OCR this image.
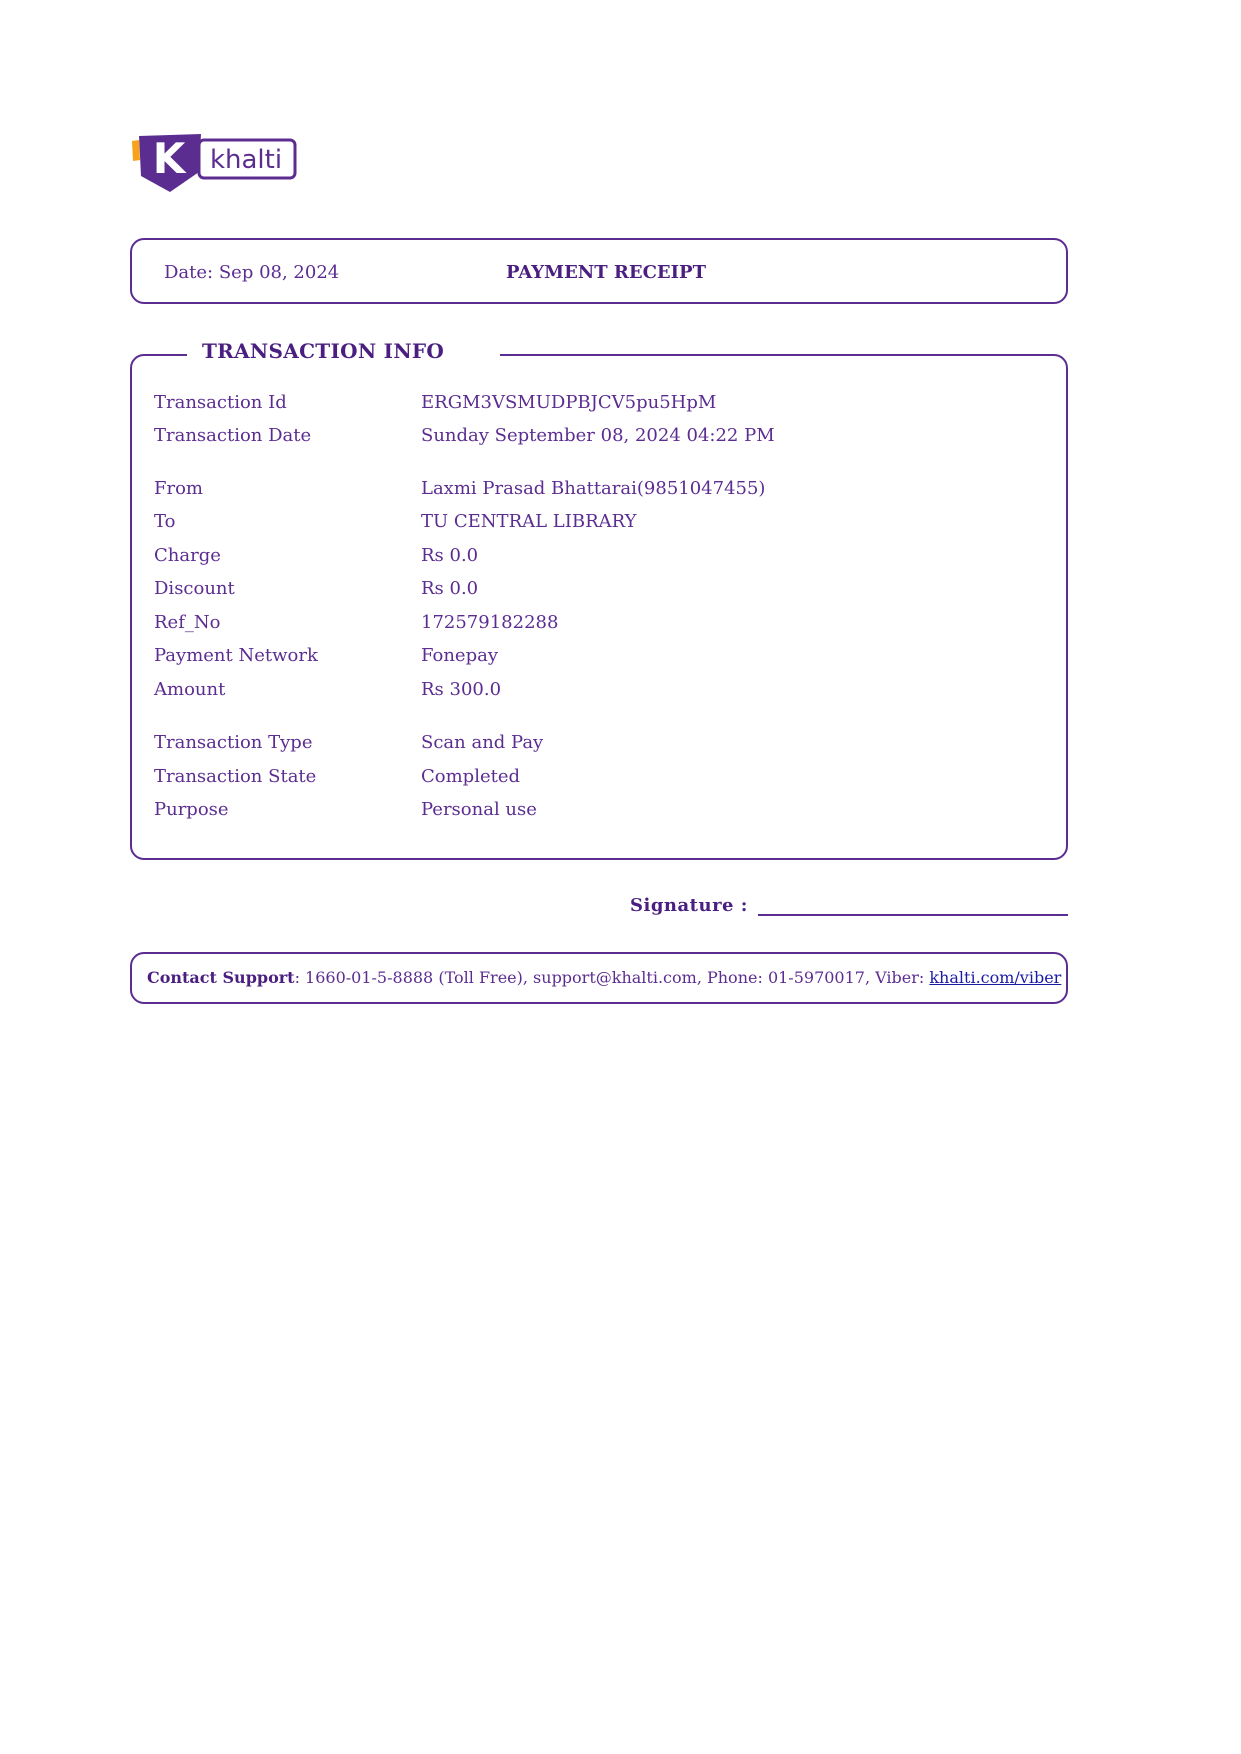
K khalti
Date: Sep 08, 2024	PAYMENT RECEIPT
TRANSACTION INFO
Transaction Id	ERGM3VSMUDPBJCV5pu5HpM
Transaction Date	Sunday September 08, 2024 04:22 PM
From	Laxmi Prasad Bhattarai(9851047455)
To	TU CENTRAL LIBRARY
Charge	Rs 0.0
Discount	Rs 0.0
Ref_No	172579182288
Payment Network	Fonepay
Amount	Rs 300.0
Transaction Type	Scan and Pay
Transaction State	Completed
Purpose	Personal use
Signature :
Contact Support: 1660-01-5-8888 (Toll Free), support@khalti.com, Phone: 01-5970017, Viber: khalti.com/viber
